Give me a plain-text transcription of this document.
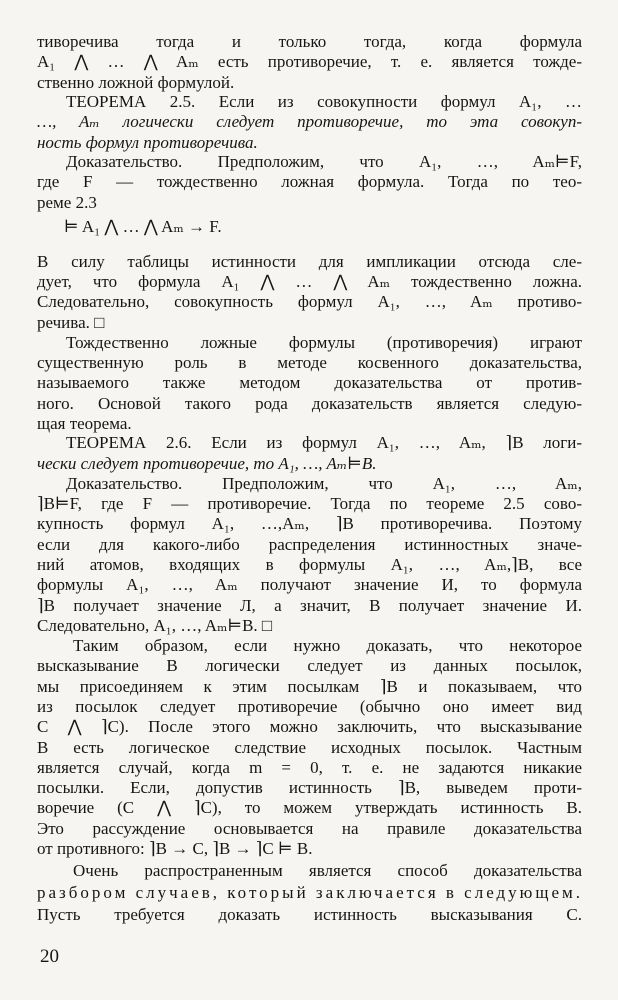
тиворечива тогда и только тогда, когда формула
A₁ ⋀ … ⋀ Aₘ есть противоречие, т. е. является тожде-
ственно ложной формулой.
ТЕОРЕМА 2.5. Если из совокупности формул A₁, …
…, Aₘ логически следует противоречие, то эта совокуп-
ность формул противоречива.
Доказательство. Предположим, что A₁, …, Aₘ⊨F,
где F — тождественно ложная формула. Тогда по тео-
реме 2.3
⊨ A₁ ⋀ … ⋀ Aₘ → F.
В силу таблицы истинности для импликации отсюда сле-
дует, что формула A₁ ⋀ … ⋀ Aₘ тождественно ложна.
Следовательно, совокупность формул A₁, …, Aₘ противо-
речива. □
Тождественно ложные формулы (противоречия) играют
существенную роль в методе косвенного доказательства,
называемого также методом доказательства от против-
ного. Основой такого рода доказательств является следую-
щая теорема.
ТЕОРЕМА 2.6. Если из формул A₁, …, Aₘ, ⌉B логи-
чески следует противоречие, то A₁, …, Aₘ⊨B.
Доказательство. Предположим, что A₁, …, Aₘ,
⌉B⊨F, где F — противоречие. Тогда по теореме 2.5 сово-
купность формул A₁, …,Aₘ, ⌉B противоречива. Поэтому
если для какого-либо распределения истинностных значе-
ний атомов, входящих в формулы A₁, …, Aₘ,⌉B, все
формулы A₁, …, Aₘ получают значение И, то формула
⌉B получает значение Л, а значит, B получает значение И.
Следовательно, A₁, …, Aₘ⊨B. □
Таким образом, если нужно доказать, что некоторое
высказывание B логически следует из данных посылок,
мы присоединяем к этим посылкам ⌉B и показываем, что
из посылок следует противоречие (обычно оно имеет вид
C ⋀ ⌉C). После этого можно заключить, что высказывание
B есть логическое следствие исходных посылок. Частным
является случай, когда m = 0, т. е. не задаются никакие
посылки. Если, допустив истинность ⌉B, выведем проти-
воречие (C ⋀ ⌉C), то можем утверждать истинность B.
Это рассуждение основывается на правиле доказательства
от противного: ⌉B → C, ⌉B → ⌉C ⊨ B.
Очень распространенным является способ доказательства
разбором случаев, который заключается в следующем.
Пусть требуется доказать истинность высказывания C.
20
